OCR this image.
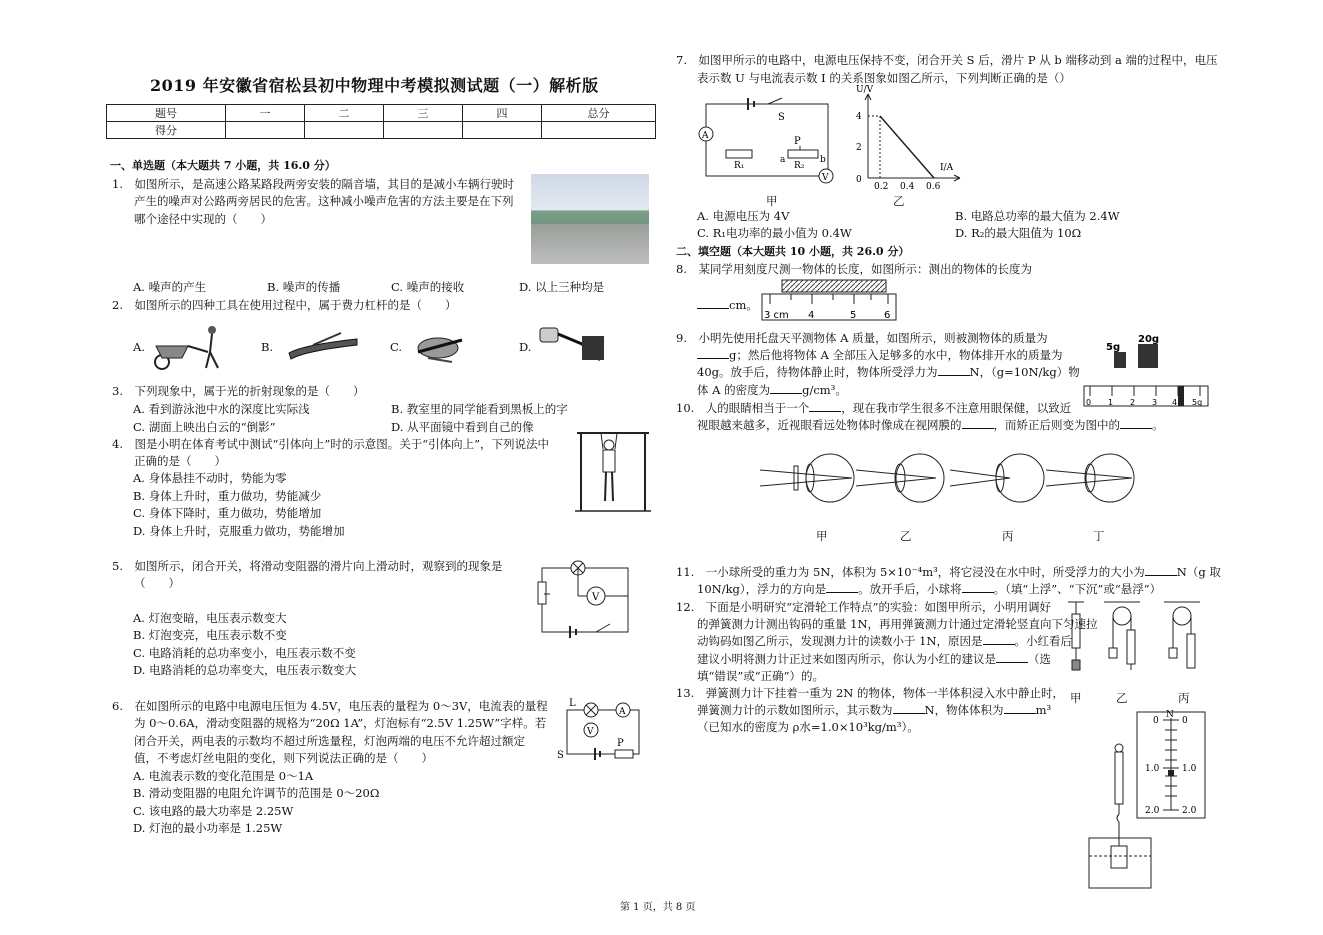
2019 年安徽省宿松县初中物理中考模拟测试题（一）解析版
题号	一	二	三	四	总分
得分					
一、单选题（本大题共 7 小题，共 16.0 分）
1.　如图所示，是高速公路某路段两旁安装的隔音墙，其目的是减小车辆行驶时
产生的噪声对公路两旁居民的危害。这种减小噪声危害的方法主要是在下列
哪个途径中实现的（　　）
A. 噪声的产生	B. 噪声的传播	C. 噪声的接收	D. 以上三种均是
2.　如图所示的四种工具在使用过程中，属于费力杠杆的是（　　）
A.	B.	C.	D.
3.　下列现象中，属于光的折射现象的是（　　）
A. 看到游泳池中水的深度比实际浅	B. 教室里的同学能看到黑板上的字
C. 湖面上映出白云的“倒影”	D. 从平面镜中看到自己的像
4.　图是小明在体育考试中测试“引体向上”时的示意图。关于“引体向上”，下列说法中
正确的是（　　）
A. 身体悬挂不动时，势能为零
B. 身体上升时，重力做功，势能减少
C. 身体下降时，重力做功，势能增加
D. 身体上升时，克服重力做功，势能增加
5.　如图所示，闭合开关，将滑动变阻器的滑片向上滑动时，观察到的现象是
（　　）
A. 灯泡变暗，电压表示数变大
B. 灯泡变亮，电压表示数不变
C. 电路消耗的总功率变小，电压表示数不变
D. 电路消耗的总功率变大，电压表示数变大
V
6.　在如图所示的电路中电源电压恒为 4.5V，电压表的量程为 0～3V，电流表的量程
为 0～0.6A，滑动变阻器的规格为“20Ω 1A”，灯泡标有“2.5V 1.25W”字样。若
闭合开关，两电表的示数均不超过所选量程，灯泡两端的电压不允许超过额定
值，不考虑灯丝电阻的变化，则下列说法正确的是（　　）
A. 电流表示数的变化范围是 0～1A
B. 滑动变阻器的电阻允许调节的范围是 0～20Ω
C. 该电路的最大功率是 2.25W
D. 灯泡的最小功率是 1.25W
A
V
L
S
P
7.　如图甲所示的电路中，电源电压保持不变，闭合开关 S 后，滑片 P 从 b 端移动到 a 端的过程中，电压
表示数 U 与电流表示数 I 的关系图象如图乙所示，下列判断正确的是（）
S
A
R₁	R₂
a	b
P
V
甲
U/V
I/A
4
2
0
0.2 0.4 0.6
乙
A. 电源电压为 4V	B. 电路总功率的最大值为 2.4W
C. R₁电功率的最小值为 0.4W	D. R₂的最大阻值为 10Ω
二、填空题（本大题共 10 小题，共 26.0 分）
8.　某同学用刻度尺测一物体的长度，如图所示：测出的物体的长度为
cm。
3 cm 4	5	6
9.　小明先使用托盘天平测物体 A 质量，如图所示，则被测物体的质量为
g；然后他将物体 A 全部压入足够多的水中，物体排开水的质量为
40g。放手后，待物体静止时，物体所受浮力为	N，（g=10N/kg）物
体 A 的密度为	g/cm³。
5g
20g
0 1 2 3 4 5g
10.　人的眼睛相当于一个	，现在我市学生很多不注意用眼保健，以致近
视眼越来越多，近视眼看远处物体时像成在视网膜的	，而矫正后则变为图中的	。
甲	乙	丙	丁
11.　一小球所受的重力为 5N，体积为 5×10⁻⁴m³，将它浸没在水中时，所受浮力的大小为	N（g 取
10N/kg），浮力的方向是	。放开手后，小球将	。（填“上浮”、“下沉”或“悬浮”）
12.　下面是小明研究“定滑轮工作特点”的实验：如图甲所示，小明用调好
的弹簧测力计测出钩码的重量 1N，再用弹簧测力计通过定滑轮竖直向下匀速拉
动钩码如图乙所示，发现测力计的读数小于 1N，原因是	。小红看后
建议小明将测力计正过来如图丙所示，你认为小红的建议是	（选
填“错误”或“正确”）的。
甲	乙	丙
13.　弹簧测力计下挂着一重为 2N 的物体，物体一半体积浸入水中静止时，
弹簧测力计的示数如图所示，其示数为	N，物体体积为	m³
（已知水的密度为 ρ水=1.0×10³kg/m³）。
N
0	0
1.0	1.0
2.0	2.0
第 1 页，共 8 页
